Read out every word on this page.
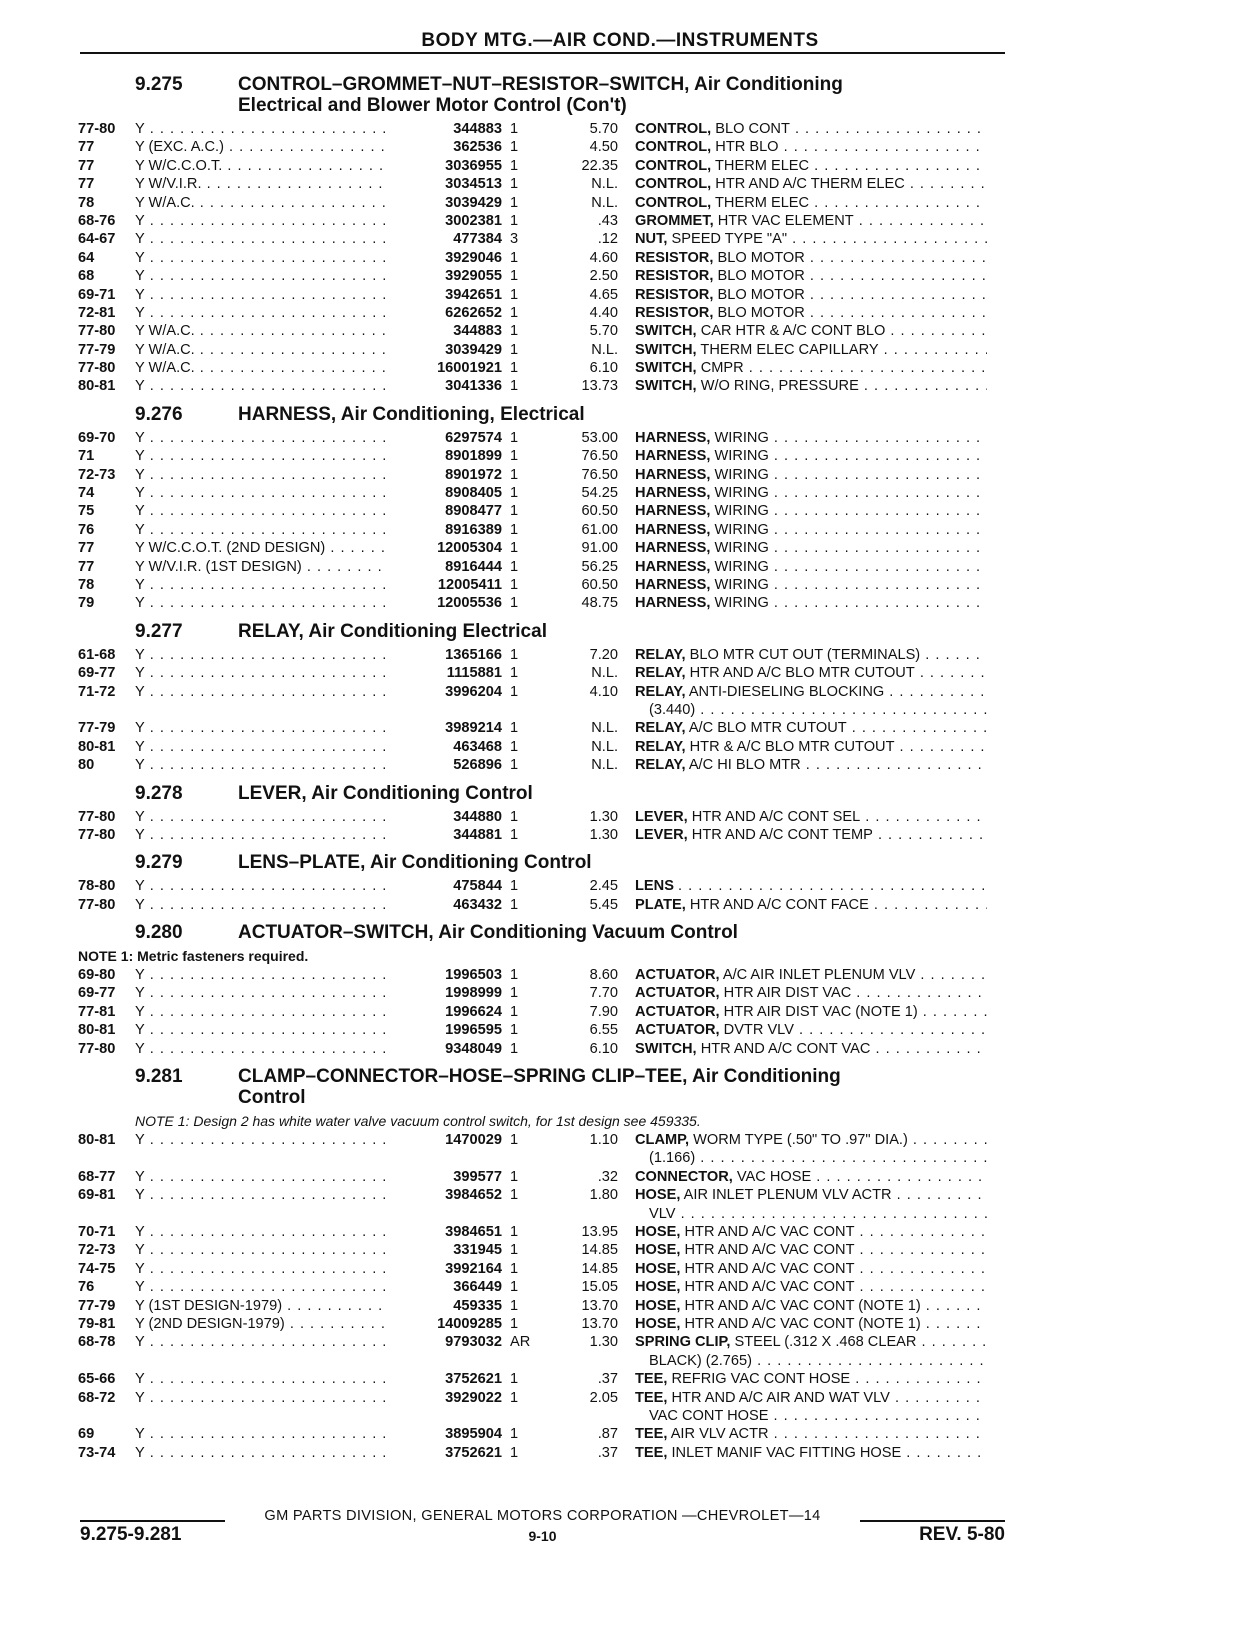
BODY MTG.—AIR COND.—INSTRUMENTS
9.275	CONTROL–GROMMET–NUT–RESISTOR–SWITCH, Air Conditioning
Electrical and Blower Motor Control (Con't)
77-80	Y . . .	344883 1	5.70 CONTROL, BLO CONT . . .
77	Y (EXC. A.C.) . . .	362536 1	4.50 CONTROL, HTR BLO . . .
77	Y W/C.C.O.T. . . .	3036955 1	22.35 CONTROL, THERM ELEC . . .
77	Y W/V.I.R. . . .	3034513 1	N.L. CONTROL, HTR AND A/C THERM ELEC . . .
78	Y W/A.C. . . .	3039429 1	N.L. CONTROL, THERM ELEC . . .
68-76	Y . . .	3002381 1	.43 GROMMET, HTR VAC ELEMENT . . .
64-67	Y . . .	477384 3	.12 NUT, SPEED TYPE "A" . . .
64	Y . . .	3929046 1	4.60 RESISTOR, BLO MOTOR . . .
68	Y . . .	3929055 1	2.50 RESISTOR, BLO MOTOR . . .
69-71	Y . . .	3942651 1	4.65 RESISTOR, BLO MOTOR . . .
72-81	Y . . .	6262652 1	4.40 RESISTOR, BLO MOTOR . . .
77-80	Y W/A.C. . . .	344883 1	5.70 SWITCH, CAR HTR & A/C CONT BLO . . .
77-79	Y W/A.C. . . .	3039429 1	N.L. SWITCH, THERM ELEC CAPILLARY . . .
77-80	Y W/A.C. . . .	16001921 1	6.10 SWITCH, CMPR . . .
80-81	Y . . .	3041336 1	13.73 SWITCH, W/O RING, PRESSURE . . .
9.276	HARNESS, Air Conditioning, Electrical
69-70	Y . . .	6297574 1	53.00 HARNESS, WIRING . . .
71	Y . . .	8901899 1	76.50 HARNESS, WIRING . . .
72-73	Y . . .	8901972 1	76.50 HARNESS, WIRING . . .
74	Y . . .	8908405 1	54.25 HARNESS, WIRING . . .
75	Y . . .	8908477 1	60.50 HARNESS, WIRING . . .
76	Y . . .	8916389 1	61.00 HARNESS, WIRING . . .
77	Y W/C.C.O.T. (2ND DESIGN) . . .	12005304 1	91.00 HARNESS, WIRING . . .
77	Y W/V.I.R. (1ST DESIGN) . . .	8916444 1	56.25 HARNESS, WIRING . . .
78	Y . . .	12005411 1	60.50 HARNESS, WIRING . . .
79	Y . . .	12005536 1	48.75 HARNESS, WIRING . . .
9.277	RELAY, Air Conditioning Electrical
61-68	Y . . .	1365166 1	7.20 RELAY, BLO MTR CUT OUT (TERMINALS) . . .
69-77	Y . . .	1115881 1	N.L. RELAY, HTR AND A/C BLO MTR CUTOUT . . .
71-72	Y . . .	3996204 1	4.10 RELAY, ANTI-DIESELING BLOCKING . . .
(3.440) . . .
77-79	Y . . .	3989214 1	N.L. RELAY, A/C BLO MTR CUTOUT . . .
80-81	Y . . .	463468 1	N.L. RELAY, HTR & A/C BLO MTR CUTOUT . . .
80	Y . . .	526896 1	N.L. RELAY, A/C HI BLO MTR . . .
9.278	LEVER, Air Conditioning Control
77-80	Y . . .	344880 1	1.30 LEVER, HTR AND A/C CONT SEL . . .
77-80	Y . . .	344881 1	1.30 LEVER, HTR AND A/C CONT TEMP . . .
9.279	LENS–PLATE, Air Conditioning Control
78-80	Y . . .	475844 1	2.45 LENS . . .
77-80	Y . . .	463432 1	5.45 PLATE, HTR AND A/C CONT FACE . . .
9.280	ACTUATOR–SWITCH, Air Conditioning Vacuum Control
NOTE 1: Metric fasteners required.
69-80	Y . . .	1996503 1	8.60 ACTUATOR, A/C AIR INLET PLENUM VLV . . .
69-77	Y . . .	1998999 1	7.70 ACTUATOR, HTR AIR DIST VAC . . .
77-81	Y . . .	1996624 1	7.90 ACTUATOR, HTR AIR DIST VAC (NOTE 1) . . .
80-81	Y . . .	1996595 1	6.55 ACTUATOR, DVTR VLV . . .
77-80	Y . . .	9348049 1	6.10 SWITCH, HTR AND A/C CONT VAC . . .
9.281	CLAMP–CONNECTOR–HOSE–SPRING CLIP–TEE, Air Conditioning
Control
NOTE 1: Design 2 has white water valve vacuum control switch, for 1st design see 459335.
80-81	Y . . .	1470029 1	1.10 CLAMP, WORM TYPE (.50" TO .97" DIA.) . . .
(1.166) . . .
68-77	Y . . .	399577 1	.32 CONNECTOR, VAC HOSE . . .
69-81	Y . . .	3984652 1	1.80 HOSE, AIR INLET PLENUM VLV ACTR . . .
VLV . . .
70-71	Y . . .	3984651 1	13.95 HOSE, HTR AND A/C VAC CONT . . .
72-73	Y . . .	331945 1	14.85 HOSE, HTR AND A/C VAC CONT . . .
74-75	Y . . .	3992164 1	14.85 HOSE, HTR AND A/C VAC CONT . . .
76	Y . . .	366449 1	15.05 HOSE, HTR AND A/C VAC CONT . . .
77-79	Y (1ST DESIGN-1979) . . .	459335 1	13.70 HOSE, HTR AND A/C VAC CONT (NOTE 1) . . .
79-81	Y (2ND DESIGN-1979) . . .	14009285 1	13.70 HOSE, HTR AND A/C VAC CONT (NOTE 1) . . .
68-78	Y . . .	9793032 AR	1.30 SPRING CLIP, STEEL (.312 X .468 CLEAR . . .
BLACK) (2.765) . . .
65-66	Y . . .	3752621 1	.37 TEE, REFRIG VAC CONT HOSE . . .
68-72	Y . . .	3929022 1	2.05 TEE, HTR AND A/C AIR AND WAT VLV . . .
VAC CONT HOSE . . .
69	Y . . .	3895904 1	.87 TEE, AIR VLV ACTR . . .
73-74	Y . . .	3752621 1	.37 TEE, INLET MANIF VAC FITTING HOSE . . .
GM PARTS DIVISION, GENERAL MOTORS CORPORATION —CHEVROLET—14
9.275-9.281	9-10	REV. 5-80
